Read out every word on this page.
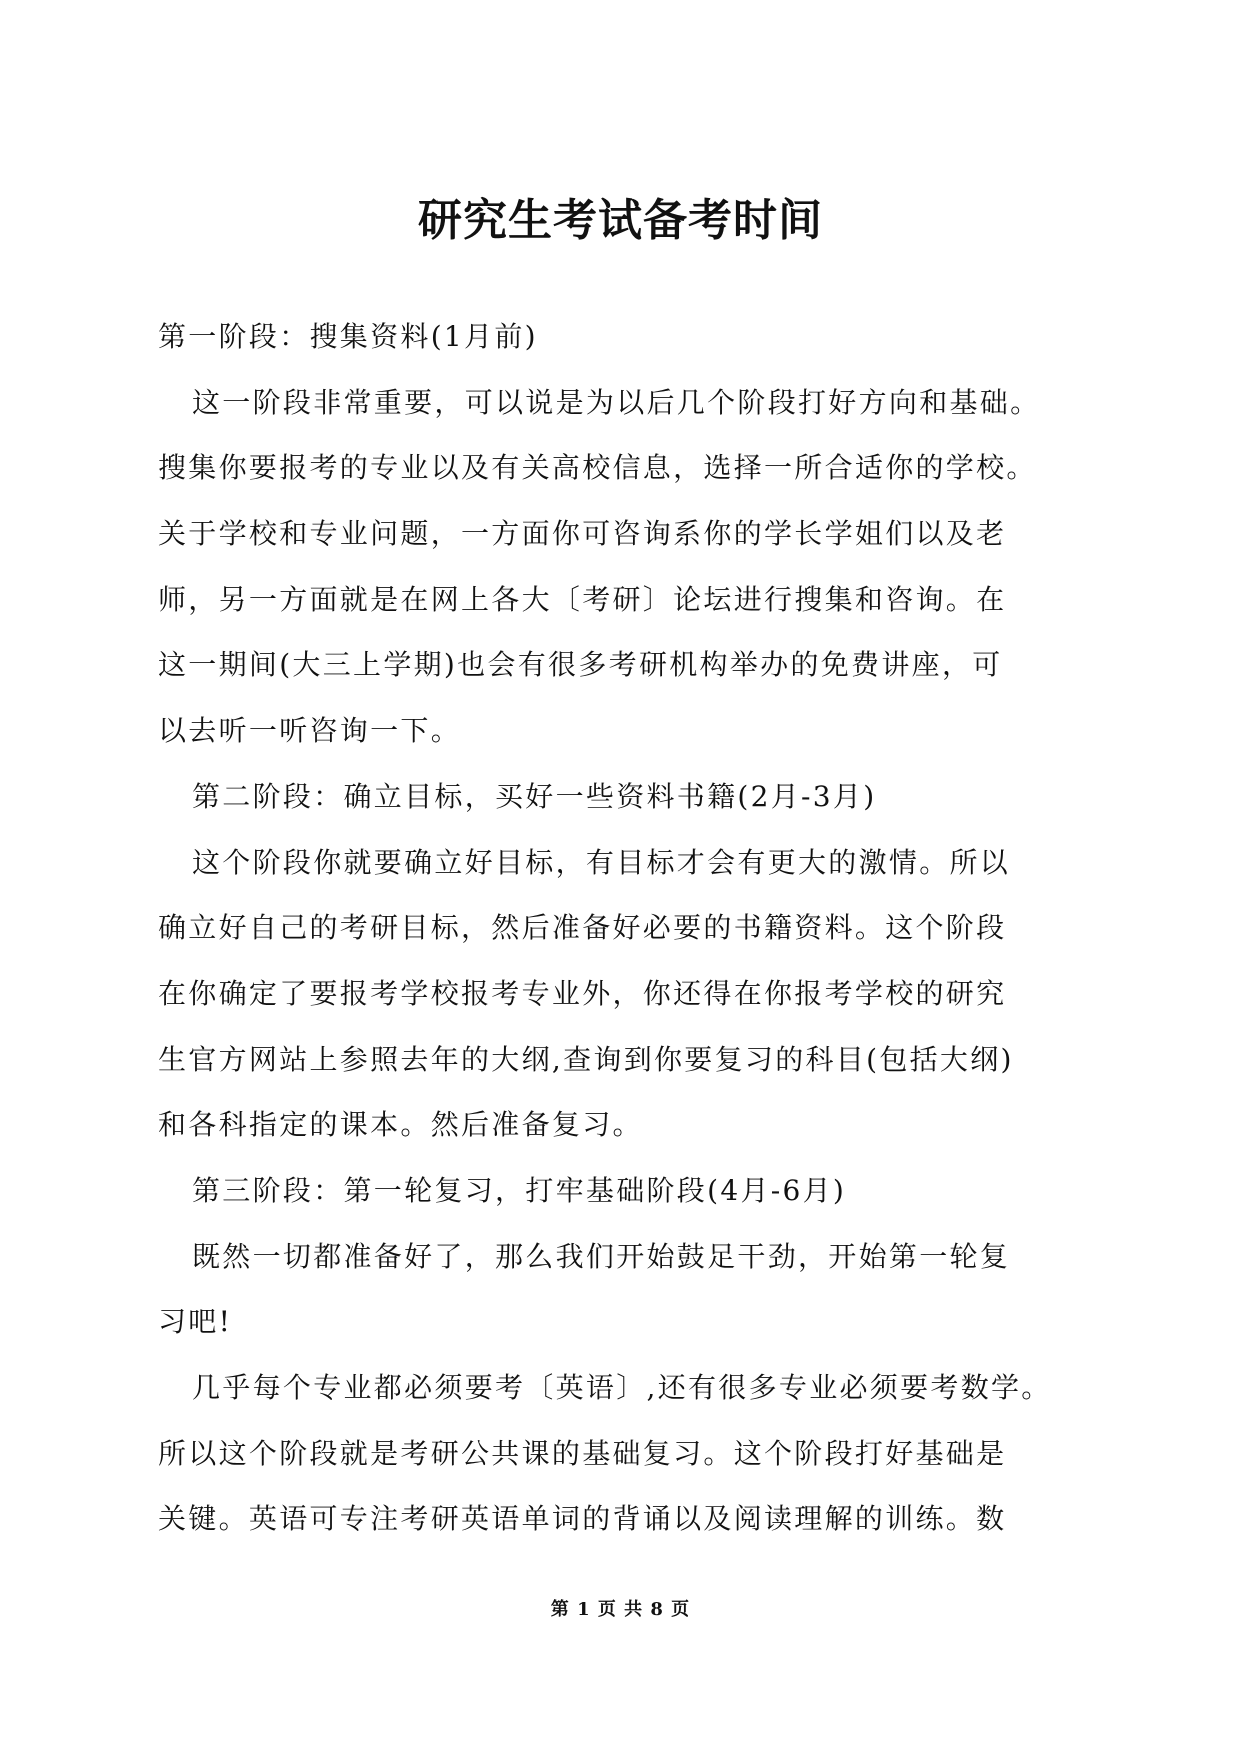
研究生考试备考时间
第一阶段：搜集资料(1月前)
这一阶段非常重要，可以说是为以后几个阶段打好方向和基础。
搜集你要报考的专业以及有关高校信息，选择一所合适你的学校。
关于学校和专业问题，一方面你可咨询系你的学长学姐们以及老
师，另一方面就是在网上各大〔考研〕论坛进行搜集和咨询。在
这一期间(大三上学期)也会有很多考研机构举办的免费讲座，可
以去听一听咨询一下。
第二阶段：确立目标，买好一些资料书籍(2月-3月)
这个阶段你就要确立好目标，有目标才会有更大的激情。所以
确立好自己的考研目标，然后准备好必要的书籍资料。这个阶段
在你确定了要报考学校报考专业外，你还得在你报考学校的研究
生官方网站上参照去年的大纲,查询到你要复习的科目(包括大纲)
和各科指定的课本。然后准备复习。
第三阶段：第一轮复习，打牢基础阶段(4月-6月)
既然一切都准备好了，那么我们开始鼓足干劲，开始第一轮复
习吧!
几乎每个专业都必须要考〔英语〕,还有很多专业必须要考数学。
所以这个阶段就是考研公共课的基础复习。这个阶段打好基础是
关键。英语可专注考研英语单词的背诵以及阅读理解的训练。数
第 1 页 共 8 页
